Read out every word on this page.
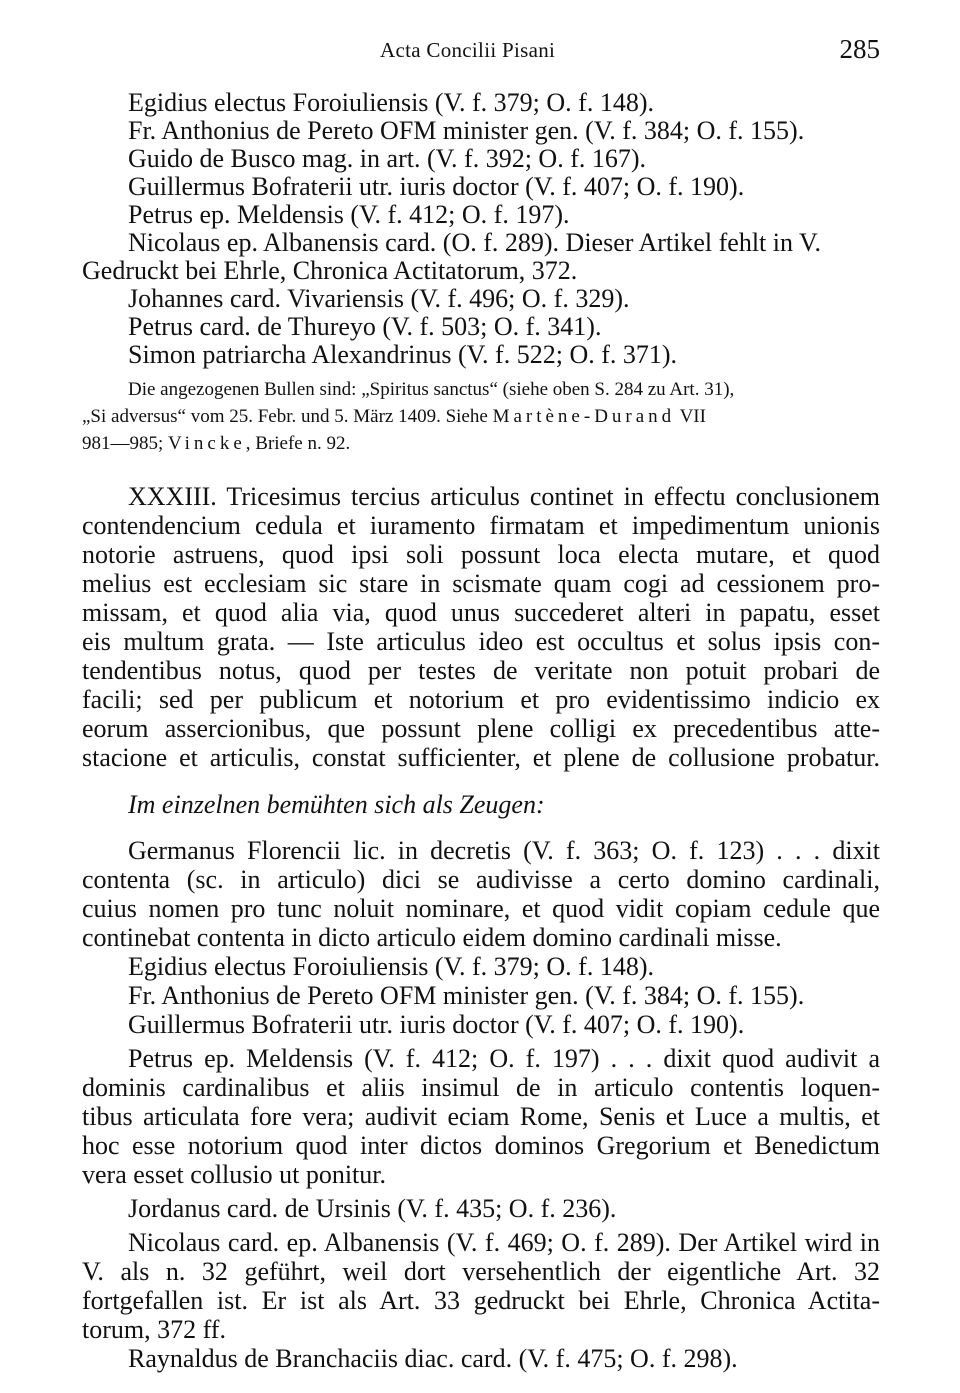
Acta Concilii Pisani	285
Egidius electus Foroiuliensis (V. f. 379; O. f. 148).
Fr. Anthonius de Pereto OFM minister gen. (V. f. 384; O. f. 155).
Guido de Busco mag. in art. (V. f. 392; O. f. 167).
Guillermus Bofraterii utr. iuris doctor (V. f. 407; O. f. 190).
Petrus ep. Meldensis (V. f. 412; O. f. 197).
Nicolaus ep. Albanensis card. (O. f. 289). Dieser Artikel fehlt in V.
Gedruckt bei Ehrle, Chronica Actitatorum, 372.
Johannes card. Vivariensis (V. f. 496; O. f. 329).
Petrus card. de Thureyo (V. f. 503; O. f. 341).
Simon patriarcha Alexandrinus (V. f. 522; O. f. 371).
Die angezogenen Bullen sind: „Spiritus sanctus“ (siehe oben S. 284 zu Art. 31),
„Si adversus“ vom 25. Febr. und 5. März 1409. Siehe Martène-Durand VII
981—985; Vincke, Briefe n. 92.
XXXIII. Tricesimus tercius articulus continet in effectu conclusionem
contendencium cedula et iuramento firmatam et impedimentum unionis
notorie astruens, quod ipsi soli possunt loca electa mutare, et quod
melius est ecclesiam sic stare in scismate quam cogi ad cessionem pro-
missam, et quod alia via, quod unus succederet alteri in papatu, esset
eis multum grata. — Iste articulus ideo est occultus et solus ipsis con-
tendentibus notus, quod per testes de veritate non potuit probari de
facili; sed per publicum et notorium et pro evidentissimo indicio ex
eorum assercionibus, que possunt plene colligi ex precedentibus atte-
stacione et articulis, constat sufficienter, et plene de collusione probatur.
Im einzelnen bemühten sich als Zeugen:
Germanus Florencii lic. in decretis (V. f. 363; O. f. 123) . . . dixit
contenta (sc. in articulo) dici se audivisse a certo domino cardinali,
cuius nomen pro tunc noluit nominare, et quod vidit copiam cedule que
continebat contenta in dicto articulo eidem domino cardinali misse.
Egidius electus Foroiuliensis (V. f. 379; O. f. 148).
Fr. Anthonius de Pereto OFM minister gen. (V. f. 384; O. f. 155).
Guillermus Bofraterii utr. iuris doctor (V. f. 407; O. f. 190).
Petrus ep. Meldensis (V. f. 412; O. f. 197) . . . dixit quod audivit a
dominis cardinalibus et aliis insimul de in articulo contentis loquen-
tibus articulata fore vera; audivit eciam Rome, Senis et Luce a multis, et
hoc esse notorium quod inter dictos dominos Gregorium et Benedictum
vera esset collusio ut ponitur.
Jordanus card. de Ursinis (V. f. 435; O. f. 236).
Nicolaus card. ep. Albanensis (V. f. 469; O. f. 289). Der Artikel wird in
V. als n. 32 geführt, weil dort versehentlich der eigentliche Art. 32
fortgefallen ist. Er ist als Art. 33 gedruckt bei Ehrle, Chronica Actita-
torum, 372 ff.
Raynaldus de Branchaciis diac. card. (V. f. 475; O. f. 298).
